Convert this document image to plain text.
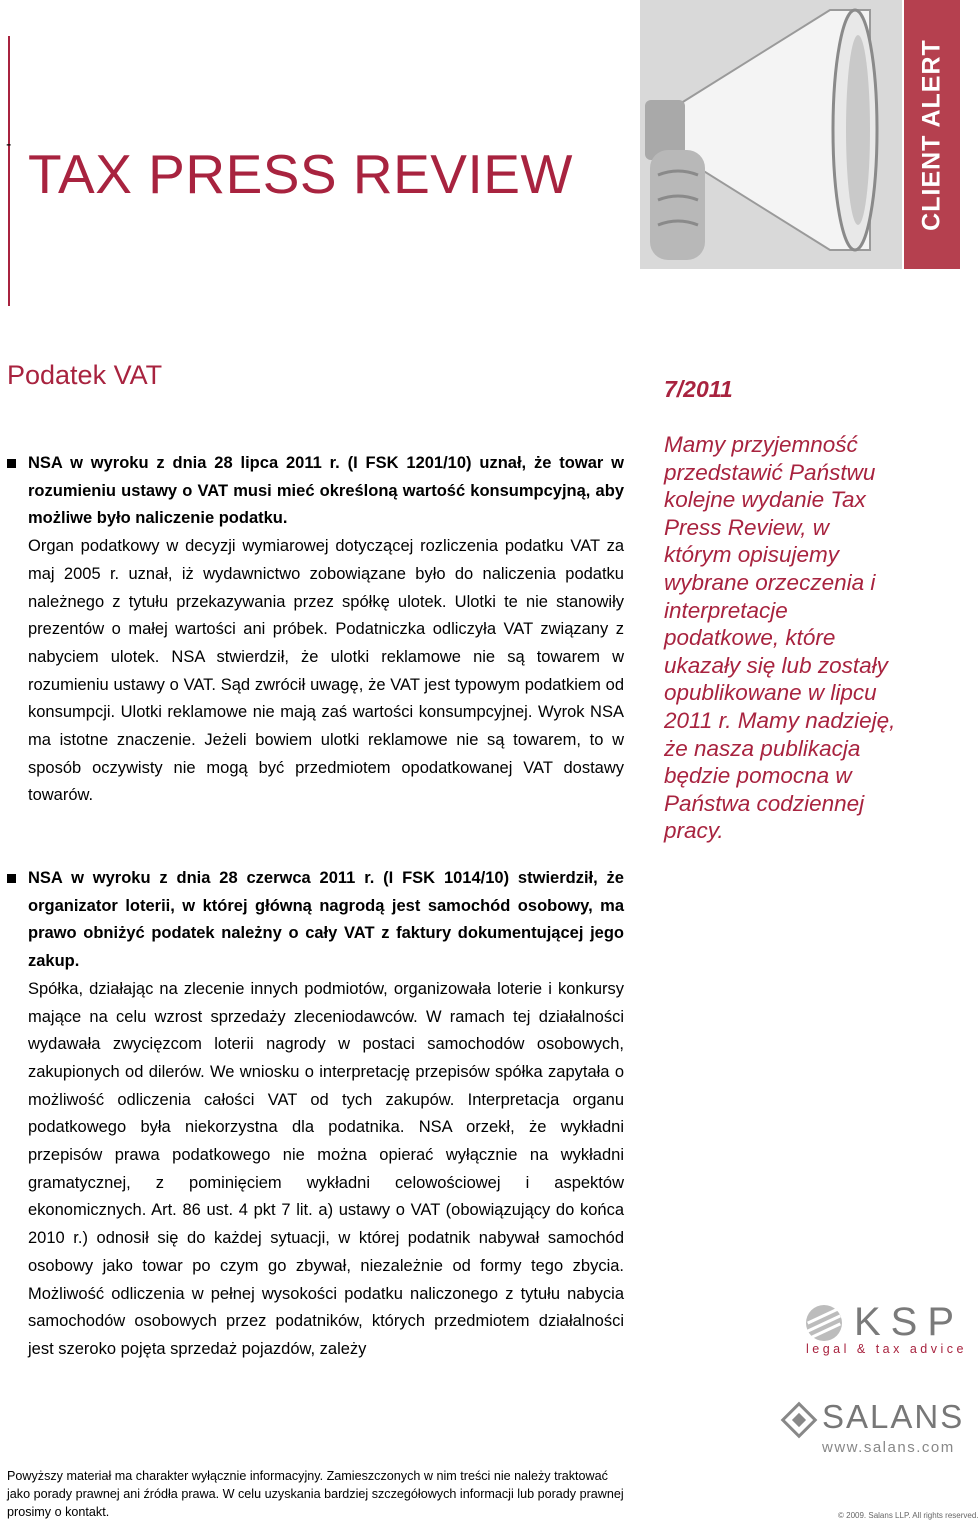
- TAX PRESS REVIEW	CLIENT ALERT
Podatek VAT	7/2011
Mamy przyjemność przedstawić Państwu kolejne wydanie Tax Press Review, w którym opisujemy wybrane orzeczenia i interpretacje podatkowe, które ukazały się lub zostały opublikowane w lipcu 2011 r. Mamy nadzieję, że nasza publikacja będzie pomocna w Państwa codziennej pracy.

NSA w wyroku z dnia 28 lipca 2011 r. (I FSK 1201/10) uznał, że towar w rozumieniu ustawy o VAT musi mieć określoną wartość konsumpcyjną, aby możliwe było naliczenie podatku.
Organ podatkowy w decyzji wymiarowej dotyczącej rozliczenia podatku VAT za maj 2005 r. uznał, iż wydawnictwo zobowiązane było do naliczenia podatku należnego z tytułu przekazywania przez spółkę ulotek. Ulotki te nie stanowiły prezentów o małej wartości ani próbek. Podatniczka odliczyła VAT związany z nabyciem ulotek. NSA stwierdził, że ulotki reklamowe nie są towarem w rozumieniu ustawy o VAT. Sąd zwrócił uwagę, że VAT jest typowym podatkiem od konsumpcji. Ulotki reklamowe nie mają zaś wartości konsumpcyjnej. Wyrok NSA ma istotne znaczenie. Jeżeli bowiem ulotki reklamowe nie są towarem, to w sposób oczywisty nie mogą być przedmiotem opodatkowanej VAT dostawy towarów.

NSA w wyroku z dnia 28 czerwca 2011 r. (I FSK 1014/10) stwierdził, że organizator loterii, w której główną nagrodą jest samochód osobowy, ma prawo obniżyć podatek należny o cały VAT z faktury dokumentującej jego zakup.
Spółka, działając na zlecenie innych podmiotów, organizowała loterie i konkursy mające na celu wzrost sprzedaży zleceniodawców. W ramach tej działalności wydawała zwycięzcom loterii nagrody w postaci samochodów osobowych, zakupionych od dilerów. We wniosku o interpretację przepisów spółka zapytała o możliwość odliczenia całości VAT od tych zakupów. Interpretacja organu podatkowego była niekorzystna dla podatnika. NSA orzekł, że wykładni przepisów prawa podatkowego nie można opierać wyłącznie na wykładni gramatycznej, z pominięciem wykładni celowościowej i aspektów ekonomicznych. Art. 86 ust. 4 pkt 7 lit. a) ustawy o VAT (obowiązujący do końca 2010 r.) odnosił się do każdej sytuacji, w której podatnik nabywał samochód osobowy jako towar po czym go zbywał, niezależnie od formy tego zbycia. Możliwość odliczenia w pełnej wysokości podatku naliczonego z tytułu nabycia samochodów osobowych przez podatników, których przedmiotem działalności jest szeroko pojęta sprzedaż pojazdów, zależy

KSP
legal & tax advice
SALANS
www.salans.com
Powyższy materiał ma charakter wyłącznie informacyjny. Zamieszczonych w nim treści nie należy traktować jako porady prawnej ani źródła prawa. W celu uzyskania bardziej szczegółowych informacji lub porady prawnej prosimy o kontakt.	© 2009. Salans LLP. All rights reserved.
